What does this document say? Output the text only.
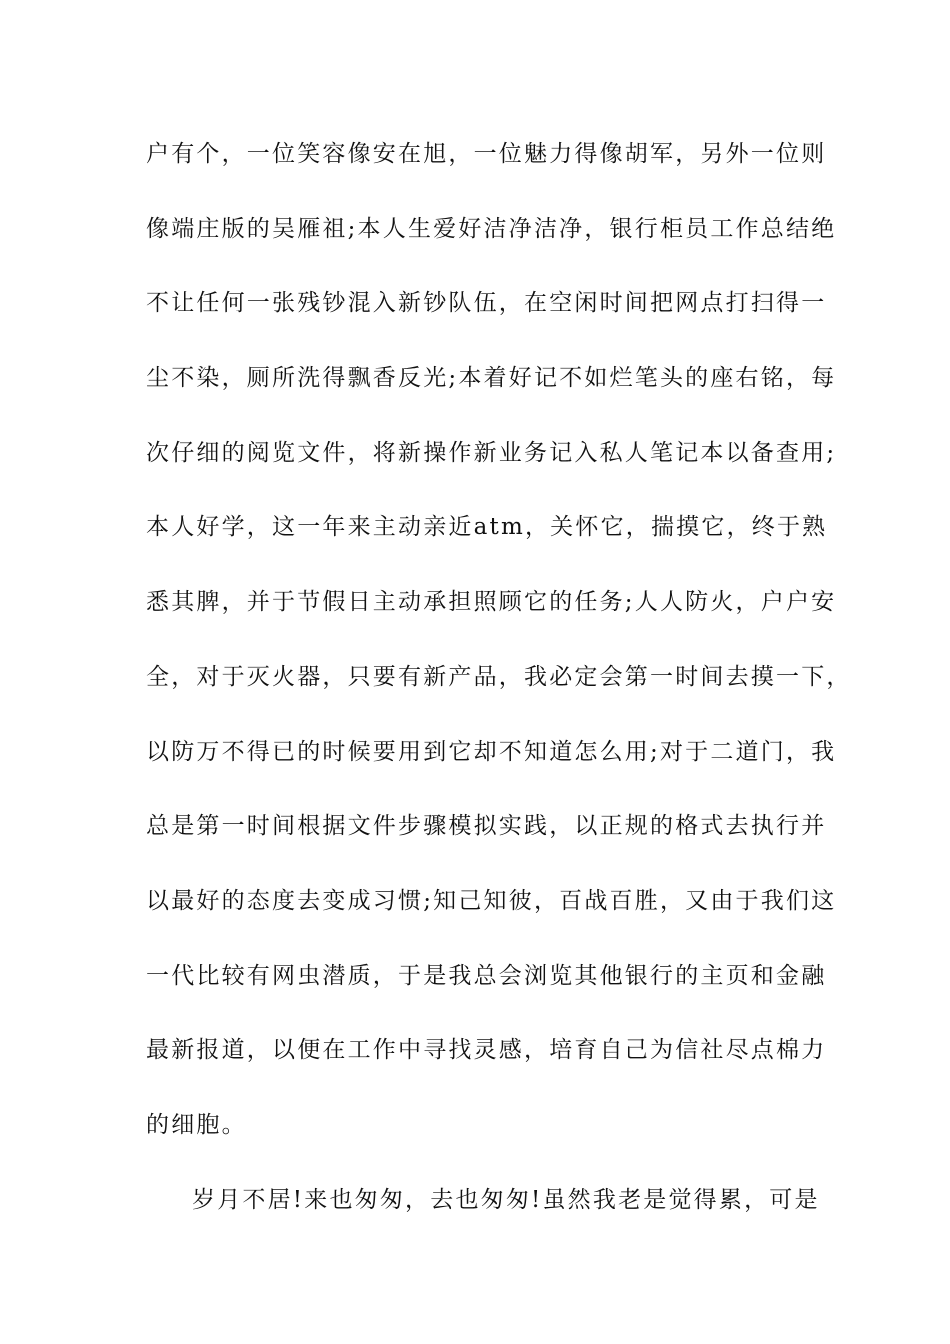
户有个，一位笑容像安在旭，一位魅力得像胡军，另外一位则
像端庄版的吴雁祖;本人生爱好洁净洁净，银行柜员工作总结绝
不让任何一张残钞混入新钞队伍，在空闲时间把网点打扫得一
尘不染，厕所洗得飘香反光;本着好记不如烂笔头的座右铭，每
次仔细的阅览文件，将新操作新业务记入私人笔记本以备查用;
本人好学，这一年来主动亲近atm，关怀它，揣摸它，终于熟
悉其脾，并于节假日主动承担照顾它的任务;人人防火，户户安
全，对于灭火器，只要有新产品，我必定会第一时间去摸一下，
以防万不得已的时候要用到它却不知道怎么用;对于二道门，我
总是第一时间根据文件步骤模拟实践，以正规的格式去执行并
以最好的态度去变成习惯;知己知彼，百战百胜，又由于我们这
一代比较有网虫潜质，于是我总会浏览其他银行的主页和金融
最新报道，以便在工作中寻找灵感，培育自己为信社尽点棉力
的细胞。
岁月不居!来也匆匆，去也匆匆!虽然我老是觉得累，可是
